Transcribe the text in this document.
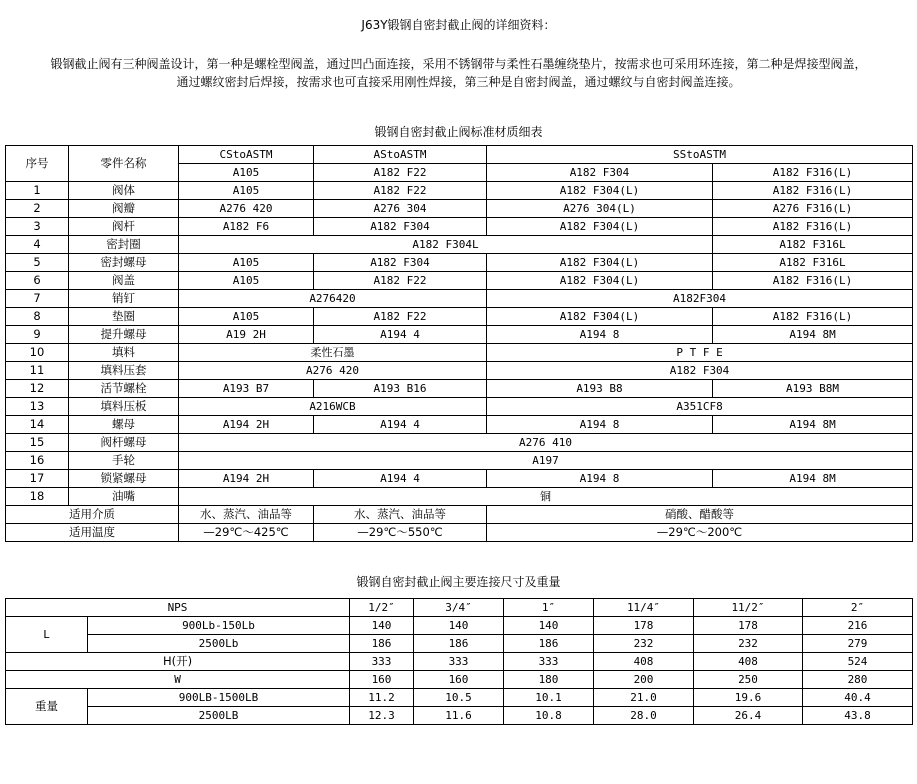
J63Y锻钢自密封截止阀的详细资料：
锻钢截止阀有三种阀盖设计，第一种是螺栓型阀盖，通过凹凸面连接，采用不锈钢带与柔性石墨缠绕垫片，按需求也可采用环连接，第二种是焊接型阀盖，
通过螺纹密封后焊接，按需求也可直接采用刚性焊接，第三种是自密封阀盖，通过螺纹与自密封阀盖连接。
锻钢自密封截止阀标准材质细表
序号	零件名称	CStoASTM	AStoASTM	SStoASTM	
		A105	A182 F22	A182 F304	A182 F316(L)
1	阀体	A105	A182 F22	A182 F304(L)	A182 F316(L)
2	阀瓣	A276 420	A276 304	A276 304(L)	A276 F316(L)
3	阀杆	A182 F6	A182 F304	A182 F304(L)	A182 F316(L)
4	密封圈	A182 F304L			A182 F316L
5	密封螺母	A105	A182 F304	A182 F304(L)	A182 F316L
6	阀盖	A105	A182 F22	A182 F304(L)	A182 F316(L)
7	销钉	A276420		A182F304	
8	垫圈	A105	A182 F22	A182 F304(L)	A182 F316(L)
9	提升螺母	A19 2H	A194 4	A194 8	A194 8M
10	填料	柔性石墨		P T F E	
11	填料压套	A276 420		A182 F304	
12	活节螺栓	A193 B7	A193 B16	A193 B8	A193 B8M
13	填料压板	A216WCB		A351CF8	
14	螺母	A194 2H	A194 4	A194 8	A194 8M
15	阀杆螺母	A276 410			
16	手轮	A197			
17	锁紧螺母	A194 2H	A194 4	A194 8	A194 8M
18	油嘴	铜			
适用介质		水、蒸汽、油品等	水、蒸汽、油品等	硝酸、醋酸等	
适用温度		—29℃～425℃	—29℃～550℃	—29℃～200℃	
锻钢自密封截止阀主要连接尺寸及重量
NPS		1/2″	3/4″	1″	11/4″	11/2″	2″
L	900Lb-150Lb	140	140	140	178	178	216
	2500Lb	186	186	186	232	232	279
H(开)		333	333	333	408	408	524
W		160	160	180	200	250	280
重量	900LB-1500LB	11.2	10.5	10.1	21.0	19.6	40.4
	2500LB	12.3	11.6	10.8	28.0	26.4	43.8
